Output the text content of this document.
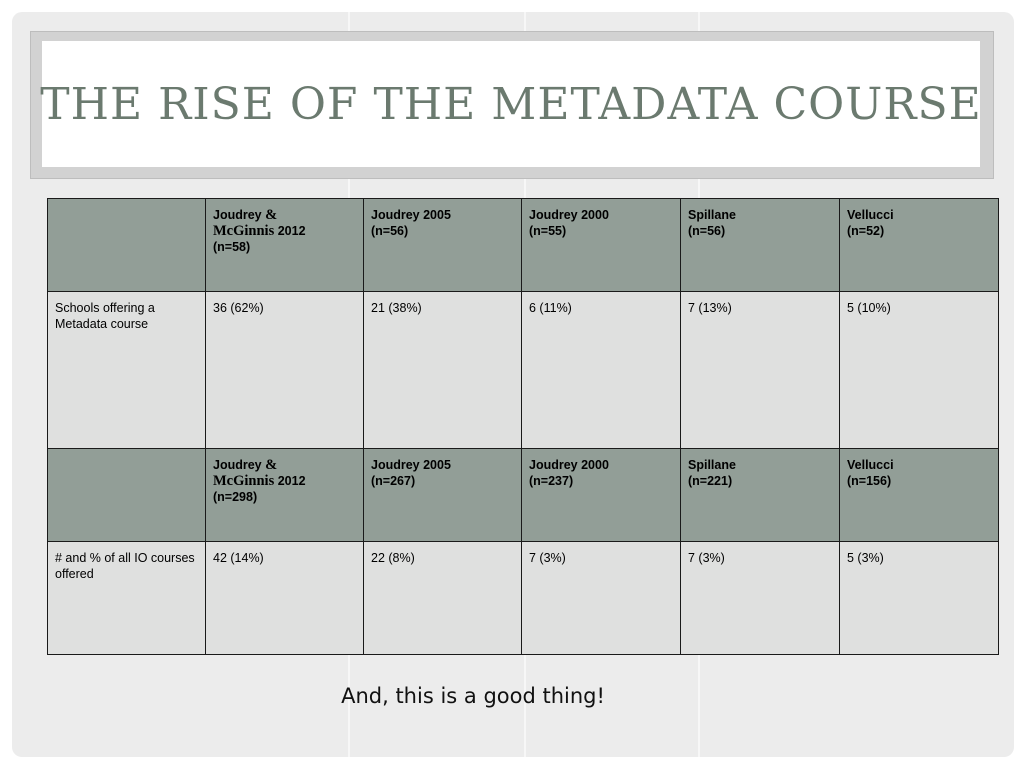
THE RISE OF THE METADATA COURSE
	Joudrey &
McGinnis 2012
(n=58)	Joudrey 2005
(n=56)	Joudrey 2000
(n=55)	Spillane
(n=56)	Vellucci
(n=52)
Schools offering a Metadata course	36 (62%)	21 (38%)	6 (11%)	7 (13%)	5 (10%)
	Joudrey &
McGinnis 2012
(n=298)	Joudrey 2005
(n=267)	Joudrey 2000
(n=237)	Spillane
(n=221)	Vellucci
(n=156)
# and % of all IO courses offered	42 (14%)	22 (8%)	7 (3%)	7 (3%)	5 (3%)
And, this is a good thing!
